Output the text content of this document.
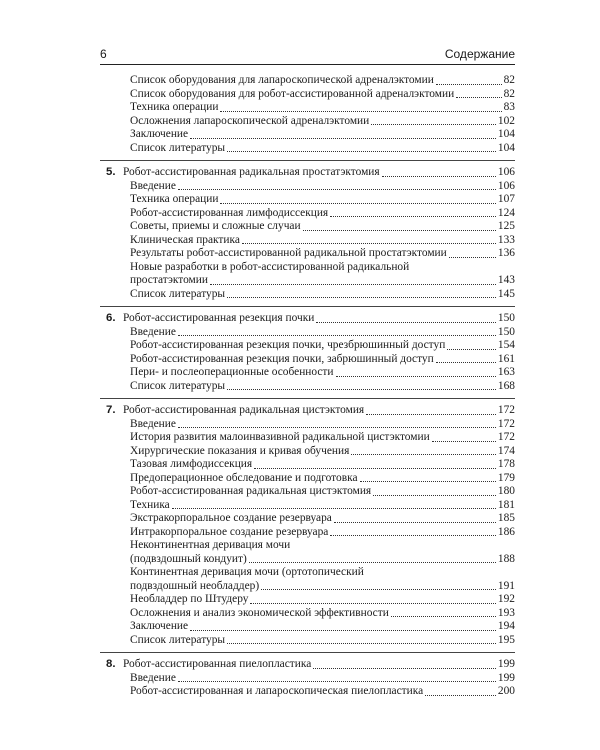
6	Содержание
Список оборудования для лапароскопической адреналэктомии	82
Список оборудования для робот-ассистированной адреналэктомии	82
Техника операции	83
Осложнения лапароскопической адреналэктомии	102
Заключение	104
Список литературы	104
5. Робот-ассистированная радикальная простатэктомия	106
Введение	106
Техника операции	107
Робот-ассистированная лимфодиссекция	124
Советы, приемы и сложные случаи	125
Клиническая практика	133
Результаты робот-ассистированной радикальной простатэктомии	136
Новые разработки в робот-ассистированной радикальной
простатэктомии	143
Список литературы	145
6. Робот-ассистированная резекция почки	150
Введение	150
Робот-ассистированная резекция почки, чрезбрюшинный доступ	154
Робот-ассистированная резекция почки, забрюшинный доступ	161
Пери- и послеоперационные особенности	163
Список литературы	168
7. Робот-ассистированная радикальная цистэктомия	172
Введение	172
История развития малоинвазивной радикальной цистэктомии	172
Хирургические показания и кривая обучения	174
Тазовая лимфодиссекция	178
Предоперационное обследование и подготовка	179
Робот-ассистированная радикальная цистэктомия	180
Техника	181
Экстракорпоральное создание резервуара	185
Интракорпоральное создание резервуара	186
Неконтинентная деривация мочи
(подвздошный кондуит)	188
Континентная деривация мочи (ортотопический
подвздошный необладдер)	191
Необладдер по Штудеру	192
Осложнения и анализ экономической эффективности	193
Заключение	194
Список литературы	195
8. Робот-ассистированная пиелопластика	199
Введение	199
Робот-ассистированная и лапароскопическая пиелопластика	200
